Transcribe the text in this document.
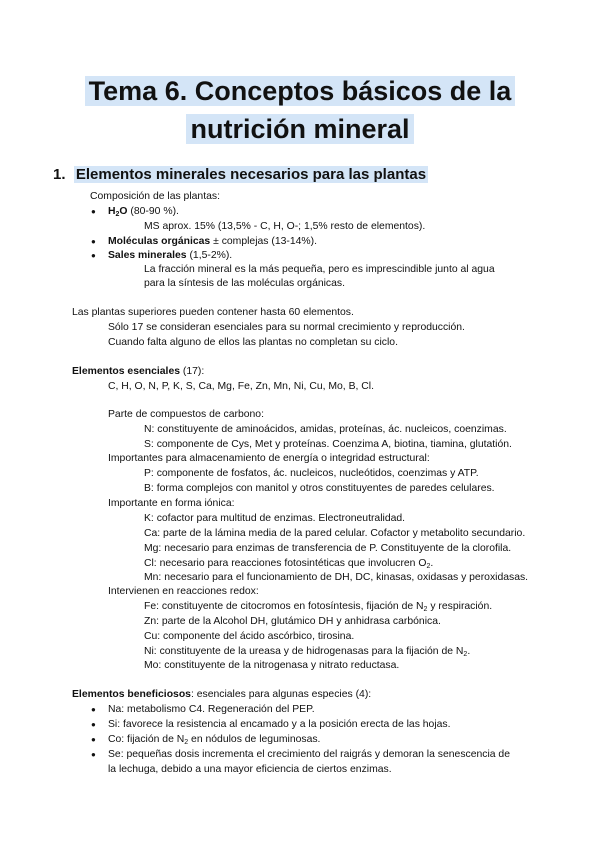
Tema 6. Conceptos básicos de la
nutrición mineral
1. Elementos minerales necesarios para las plantas
Composición de las plantas:
● $H_2O$ (80-90 %).
MS aprox. 15% (13,5% - C, H, O-; 1,5% resto de elementos).
● Moléculas orgánicas ± complejas (13-14%).
● Sales minerales (1,5-2%).
La fracción mineral es la más pequeña, pero es imprescindible junto al agua
para la síntesis de las moléculas orgánicas.
Las plantas superiores pueden contener hasta 60 elementos.
Sólo 17 se consideran esenciales para su normal crecimiento y reproducción.
Cuando falta alguno de ellos las plantas no completan su ciclo.
Elementos esenciales (17):
C, H, O, N, P, K, S, Ca, Mg, Fe, Zn, Mn, Ni, Cu, Mo, B, Cl.
Parte de compuestos de carbono:
N: constituyente de aminoácidos, amidas, proteínas, ác. nucleicos, coenzimas.
S: componente de Cys, Met y proteínas. Coenzima A, biotina, tiamina, glutatión.
Importantes para almacenamiento de energía o integridad estructural:
P: componente de fosfatos, ác. nucleicos, nucleótidos, coenzimas y ATP.
B: forma complejos con manitol y otros constituyentes de paredes celulares.
Importante en forma iónica:
K: cofactor para multitud de enzimas. Electroneutralidad.
Ca: parte de la lámina media de la pared celular. Cofactor y metabolito secundario.
Mg: necesario para enzimas de transferencia de P. Constituyente de la clorofila.
Cl: necesario para reacciones fotosintéticas que involucren $O_2$.
Mn: necesario para el funcionamiento de DH, DC, kinasas, oxidasas y peroxidasas.
Intervienen en reacciones redox:
Fe: constituyente de citocromos en fotosíntesis, fijación de $N_2$ y respiración.
Zn: parte de la Alcohol DH, glutámico DH y anhidrasa carbónica.
Cu: componente del ácido ascórbico, tirosina.
Ni: constituyente de la ureasa y de hidrogenasas para la fijación de $N_2$.
Mo: constituyente de la nitrogenasa y nitrato reductasa.
Elementos beneficiosos: esenciales para algunas especies (4):
● Na: metabolismo C4. Regeneración del PEP.
● Si: favorece la resistencia al encamado y a la posición erecta de las hojas.
● Co: fijación de $N_2$ en nódulos de leguminosas.
● Se: pequeñas dosis incrementa el crecimiento del raigrás y demoran la senescencia de
la lechuga, debido a una mayor eficiencia de ciertos enzimas.
